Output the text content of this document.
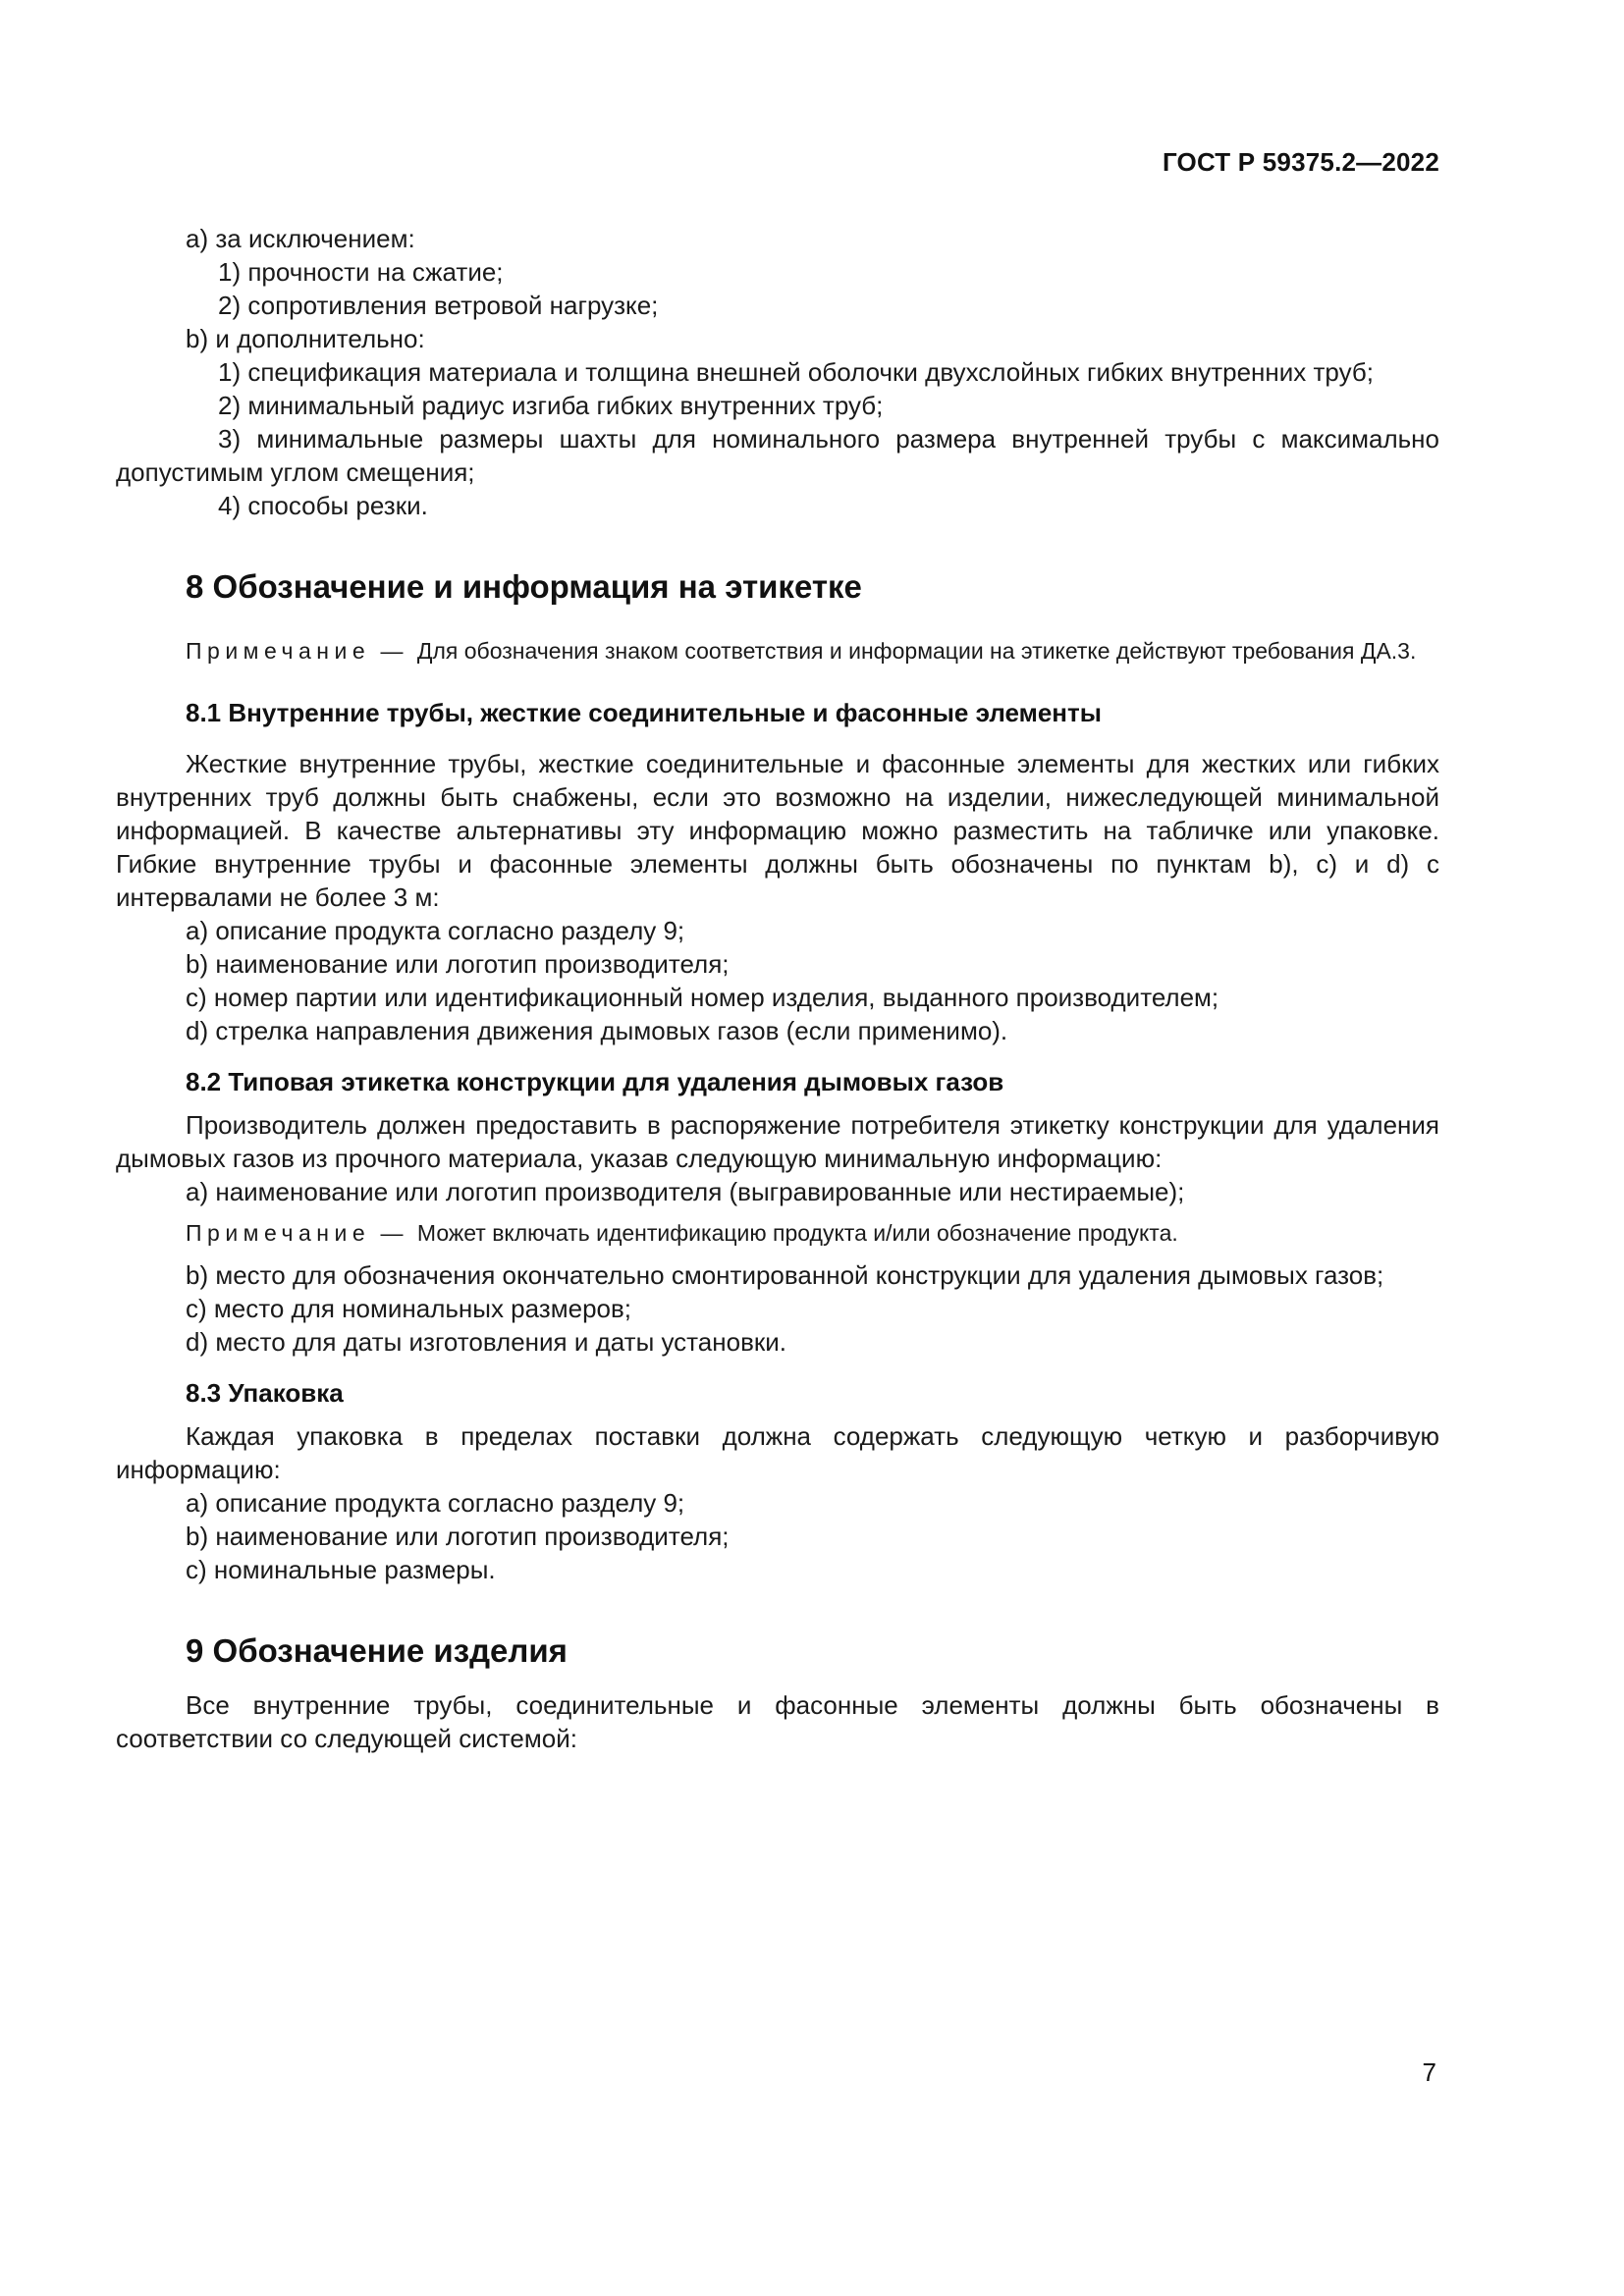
ГОСТ Р 59375.2—2022
a) за исключением:
1) прочности на сжатие;
2) сопротивления ветровой нагрузке;
b) и дополнительно:
1) спецификация материала и толщина внешней оболочки двухслойных гибких внутренних труб;
2) минимальный радиус изгиба гибких внутренних труб;
3) минимальные размеры шахты для номинального размера внутренней трубы с максимально допустимым углом смещения;
4) способы резки.
8 Обозначение и информация на этикетке
Примечание — Для обозначения знаком соответствия и информации на этикетке действуют требования ДА.3.
8.1 Внутренние трубы, жесткие соединительные и фасонные элементы
Жесткие внутренние трубы, жесткие соединительные и фасонные элементы для жестких или гибких внутренних труб должны быть снабжены, если это возможно на изделии, нижеследующей минимальной информацией. В качестве альтернативы эту информацию можно разместить на табличке или упаковке. Гибкие внутренние трубы и фасонные элементы должны быть обозначены по пунктам b), c) и d) с интервалами не более 3 м:
a) описание продукта согласно разделу 9;
b) наименование или логотип производителя;
c) номер партии или идентификационный номер изделия, выданного производителем;
d) стрелка направления движения дымовых газов (если применимо).
8.2 Типовая этикетка конструкции для удаления дымовых газов
Производитель должен предоставить в распоряжение потребителя этикетку конструкции для удаления дымовых газов из прочного материала, указав следующую минимальную информацию:
a) наименование или логотип производителя (выгравированные или нестираемые);
Примечание — Может включать идентификацию продукта и/или обозначение продукта.
b) место для обозначения окончательно смонтированной конструкции для удаления дымовых газов;
c) место для номинальных размеров;
d) место для даты изготовления и даты установки.
8.3 Упаковка
Каждая упаковка в пределах поставки должна содержать следующую четкую и разборчивую информацию:
a) описание продукта согласно разделу 9;
b) наименование или логотип производителя;
c) номинальные размеры.
9 Обозначение изделия
Все внутренние трубы, соединительные и фасонные элементы должны быть обозначены в соответствии со следующей системой:
7
